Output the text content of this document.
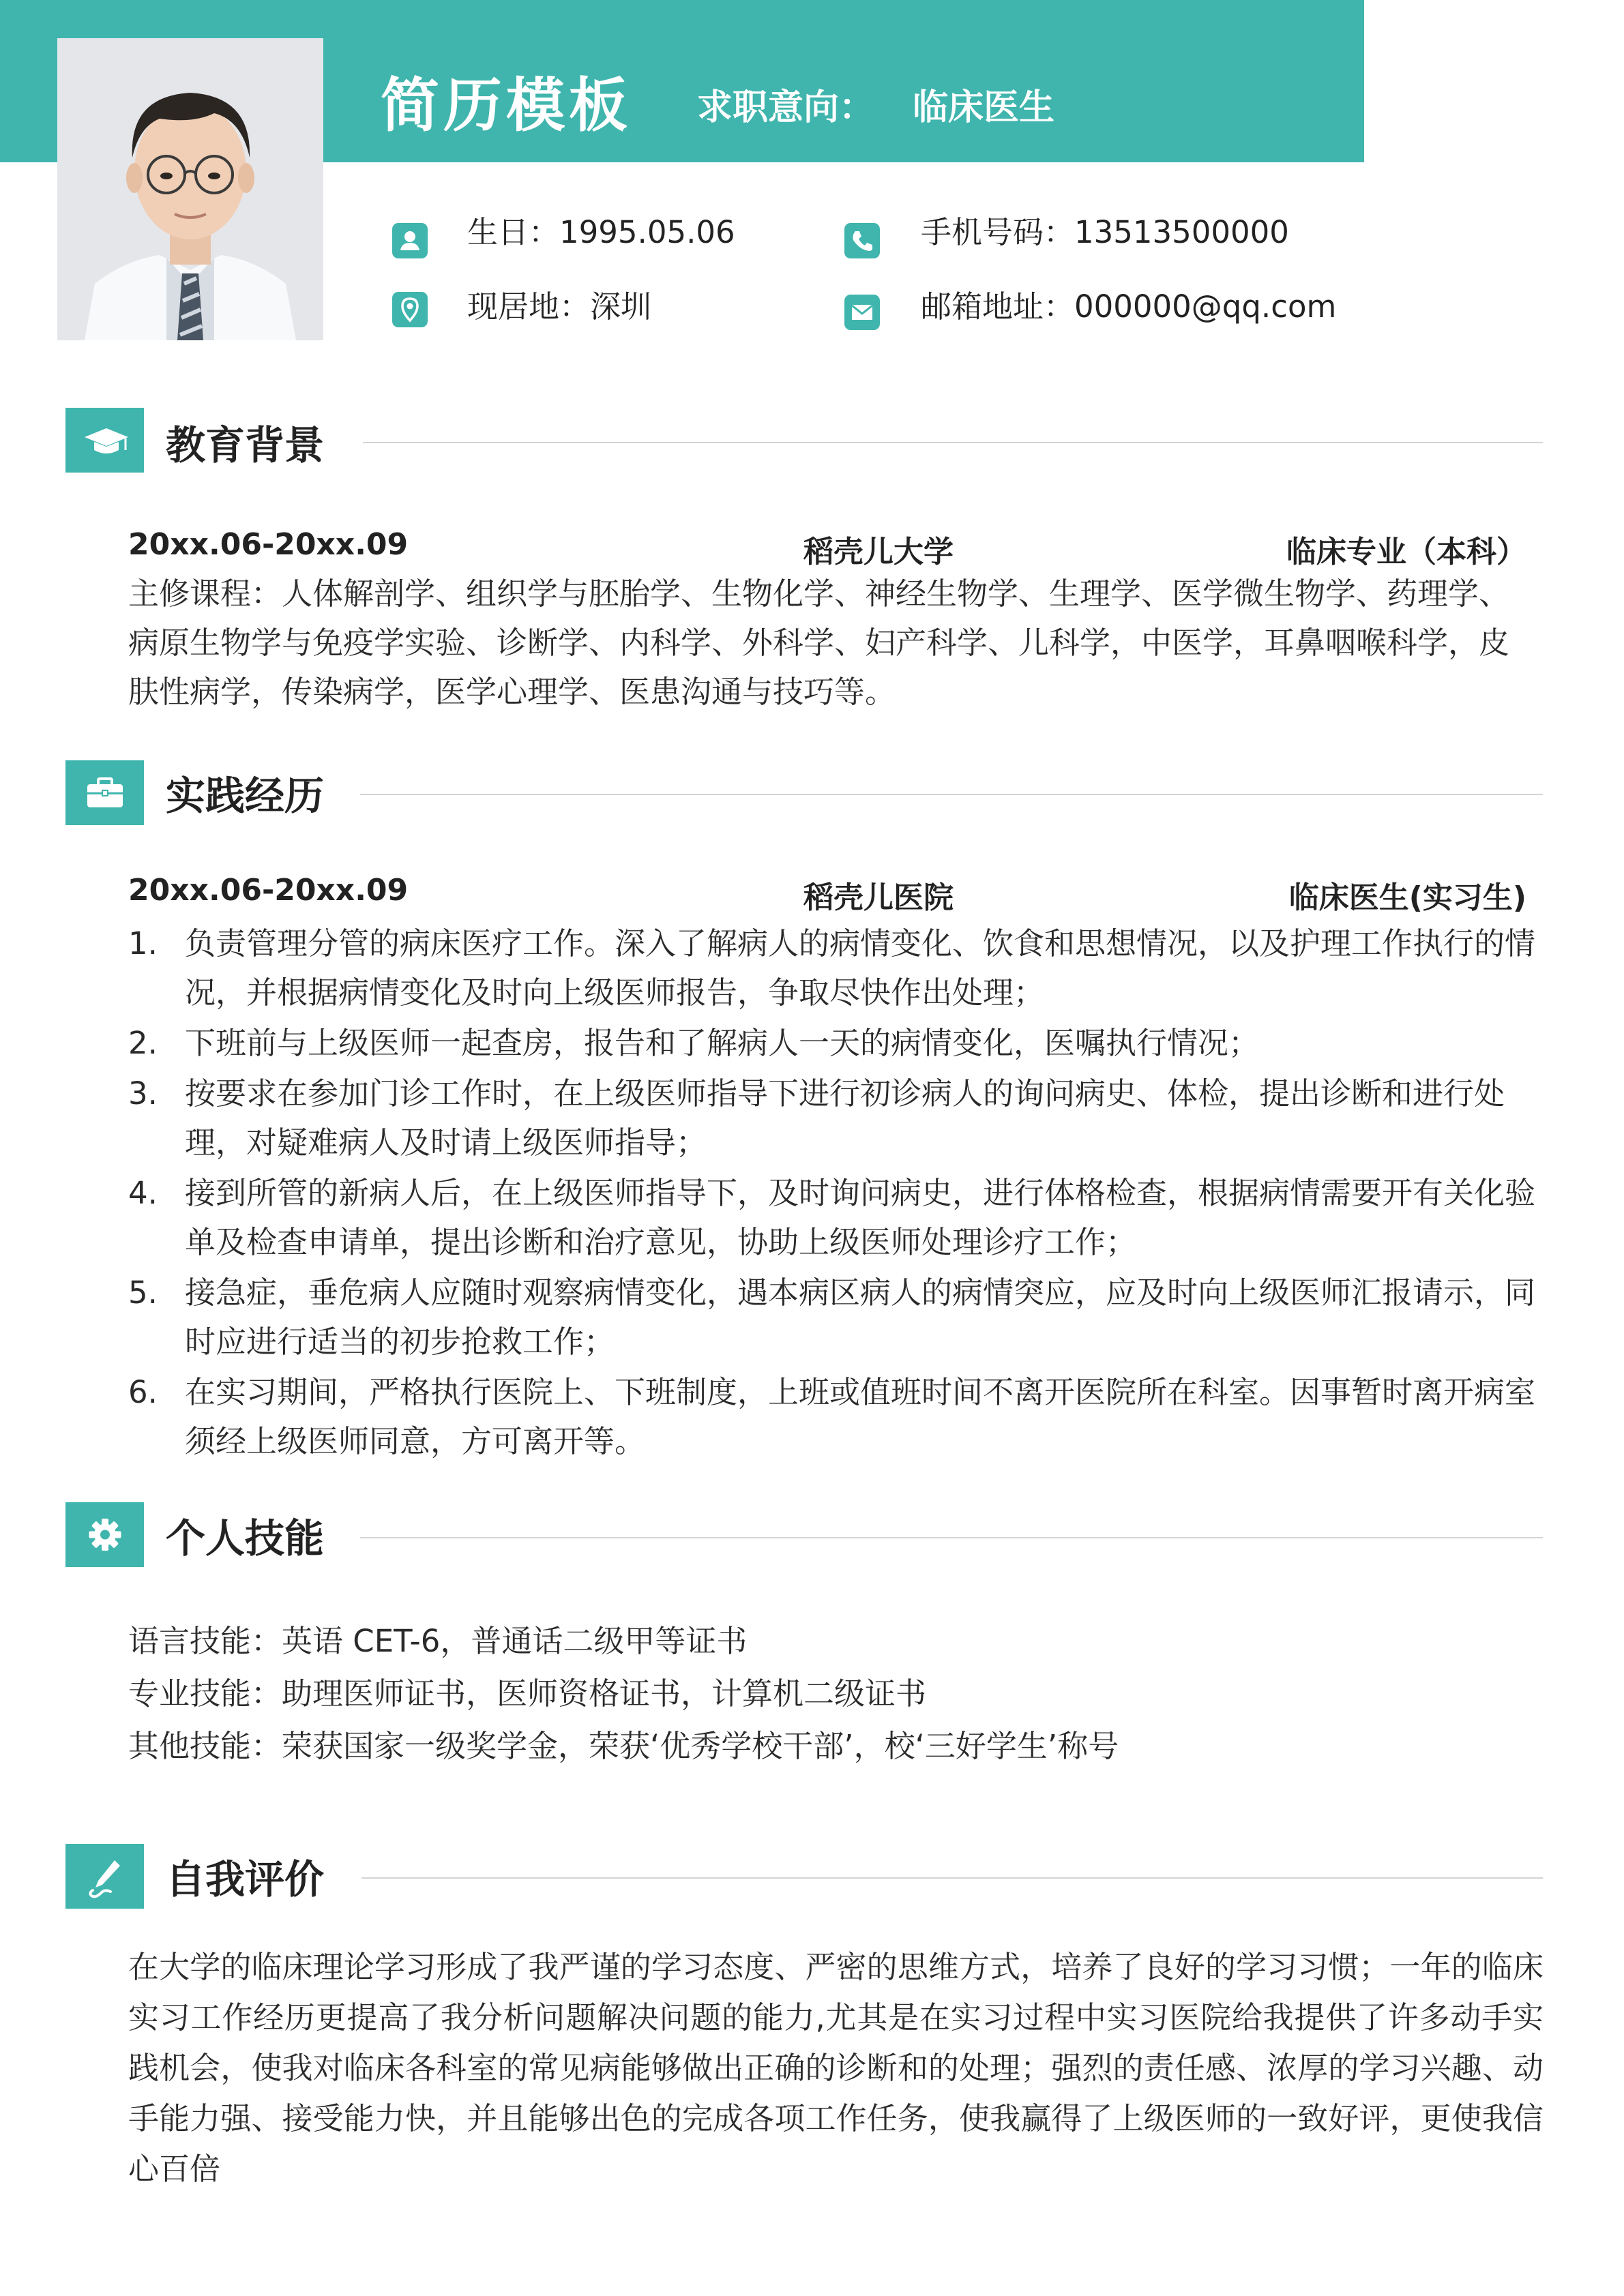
简历模板 求职意向： 临床医生
生日：1995.05.06	手机号码：13513500000
现居地：深圳	邮箱地址：000000@qq.com
教育背景
20xx.06-20xx.09	稻壳儿大学	临床专业（本科）
主修课程：人体解剖学、组织学与胚胎学、生物化学、神经生物学、生理学、医学微生物学、药理学、病原生物学与免疫学实验、诊断学、内科学、外科学、妇产科学、儿科学，中医学，耳鼻咽喉科学，皮肤性病学，传染病学，医学心理学、医患沟通与技巧等。
实践经历
20xx.06-20xx.09	稻壳儿医院	临床医生(实习生)
1. 负责管理分管的病床医疗工作。深入了解病人的病情变化、饮食和思想情况，以及护理工作执行的情况，并根据病情变化及时向上级医师报告，争取尽快作出处理；
2. 下班前与上级医师一起查房，报告和了解病人一天的病情变化，医嘱执行情况；
3. 按要求在参加门诊工作时，在上级医师指导下进行初诊病人的询问病史、体检，提出诊断和进行处理，对疑难病人及时请上级医师指导；
4. 接到所管的新病人后，在上级医师指导下，及时询问病史，进行体格检查，根据病情需要开有关化验单及检查申请单，提出诊断和治疗意见，协助上级医师处理诊疗工作；
5. 接急症，垂危病人应随时观察病情变化，遇本病区病人的病情突应，应及时向上级医师汇报请示，同时应进行适当的初步抢救工作；
6. 在实习期间，严格执行医院上、下班制度，上班或值班时间不离开医院所在科室。因事暂时离开病室须经上级医师同意，方可离开等。
个人技能
语言技能：英语 CET-6，普通话二级甲等证书
专业技能：助理医师证书，医师资格证书，计算机二级证书
其他技能：荣获国家一级奖学金，荣获‘优秀学校干部’，校‘三好学生’称号
自我评价
在大学的临床理论学习形成了我严谨的学习态度、严密的思维方式，培养了良好的学习习惯；一年的临床实习工作经历更提高了我分析问题解决问题的能力,尤其是在实习过程中实习医院给我提供了许多动手实践机会，使我对临床各科室的常见病能够做出正确的诊断和的处理；强烈的责任感、浓厚的学习兴趣、动手能力强、接受能力快，并且能够出色的完成各项工作任务，使我赢得了上级医师的一致好评，更使我信心百倍
